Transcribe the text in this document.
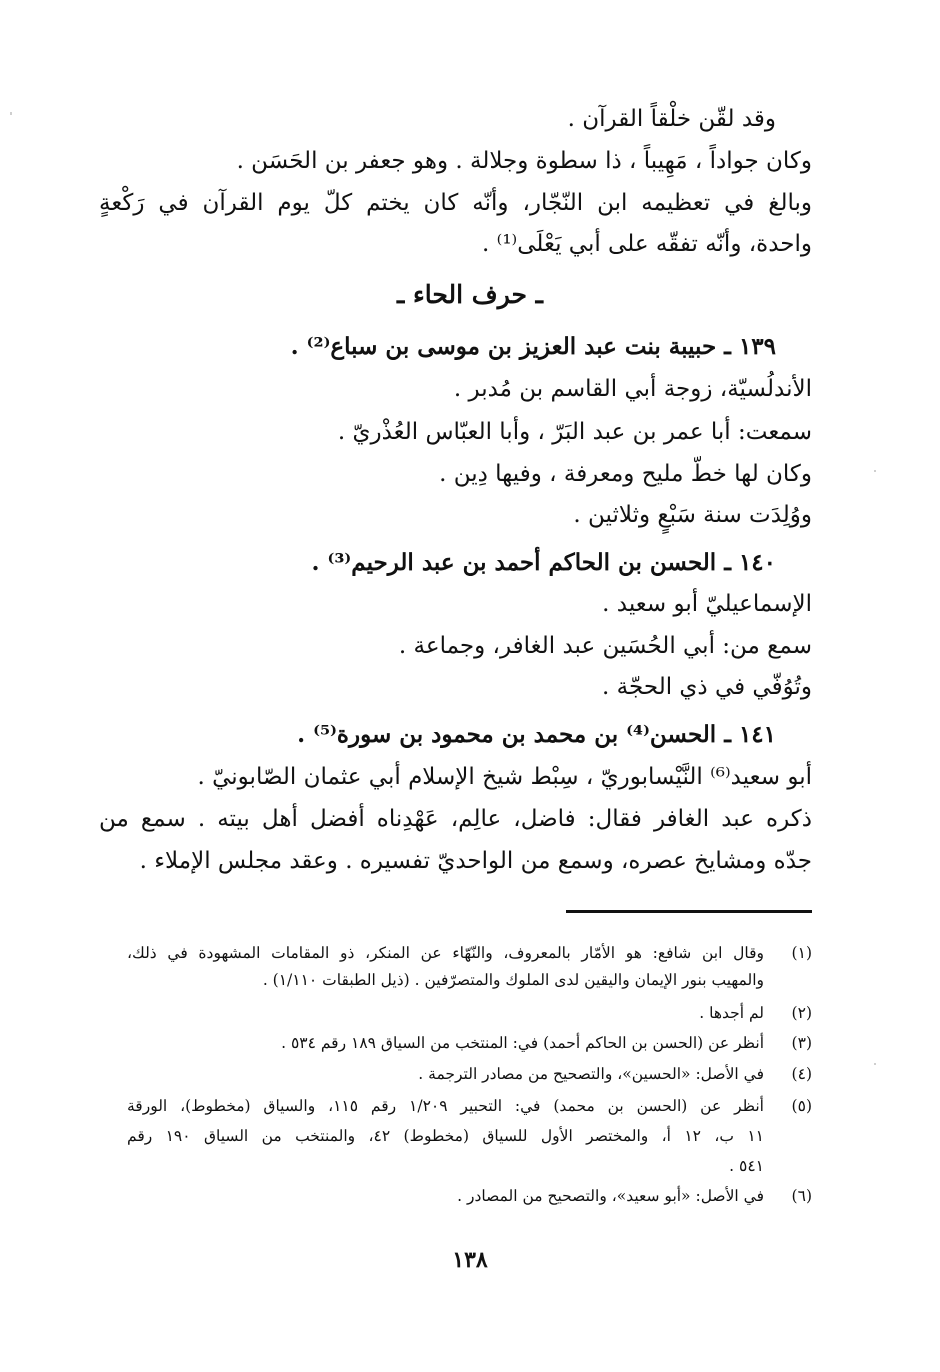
وقد لقّن خلْقاً القرآن .
وكان جواداً ، مَهِيباً ، ذا سطوة وجلالة . وهو جعفر بن الحَسَن .
وبالغ في تعظيمه ابن النّجّار، وأنّه كان يختم كلّ يوم القرآن في رَكْعةٍ
واحدة، وأنّه تفقّه على أبي يَعْلَى⁽¹⁾ .
ـ حرف الحاء ـ
١٣٩ ـ حبيبة بنت عبد العزيز بن موسى بن سباع⁽²⁾ .
الأندلُسيّة، زوجة أبي القاسم بن مُدبر .
سمعت: أبا عمر بن عبد البَرّ ، وأبا العبّاس العُذْريّ .
وكان لها خطّ مليح ومعرفة ، وفيها دِين .
ووُلِدَت سنة سَبْعٍ وثلاثين .
١٤٠ ـ الحسن بن الحاكم أحمد بن عبد الرحيم⁽³⁾ .
الإسماعيليّ أبو سعيد .
سمع من: أبي الحُسَين عبد الغافر، وجماعة .
وتُوُفّي في ذي الحجّة .
١٤١ ـ الحسن⁽⁴⁾ بن محمد بن محمود بن سورة⁽⁵⁾ .
أبو سعيد⁽⁶⁾ النَّيْسابوريّ ، سِبْط شيخ الإسلام أبي عثمان الصّابونيّ .
ذكره عبد الغافر فقال: فاضل، عالِم، عَهْدِناه أفضل أهل بيته . سمع من
جدّه ومشايخ عصره، وسمع من الواحديّ تفسيره . وعقد مجلس الإملاء .
(١)
وقال ابن شافع: هو الأمّار بالمعروف، والنّهّاء عن المنكر، ذو المقامات المشهودة في ذلك،
والمهيب بنور الإيمان واليقين لدى الملوك والمتصرّفين . (ذيل الطبقات ١/١١٠) .
(٢)
لم أجدها .
(٣)
أنظر عن (الحسن بن الحاكم أحمد) في: المنتخب من السياق ١٨٩ رقم ٥٣٤ .
(٤)
في الأصل: «الحسين»، والتصحيح من مصادر الترجمة .
(٥)
أنظر عن (الحسن بن محمد) في: التحبير ١/٢٠٩ رقم ١١٥، والسياق (مخطوط)، الورقة
١١ ب، ١٢ أ، والمختصر الأول للسياق (مخطوط) ٤٢، والمنتخب من السياق ١٩٠ رقم
٥٤١ .
(٦)
في الأصل: «أبو سعيد»، والتصحيح من المصادر .
١٣٨
